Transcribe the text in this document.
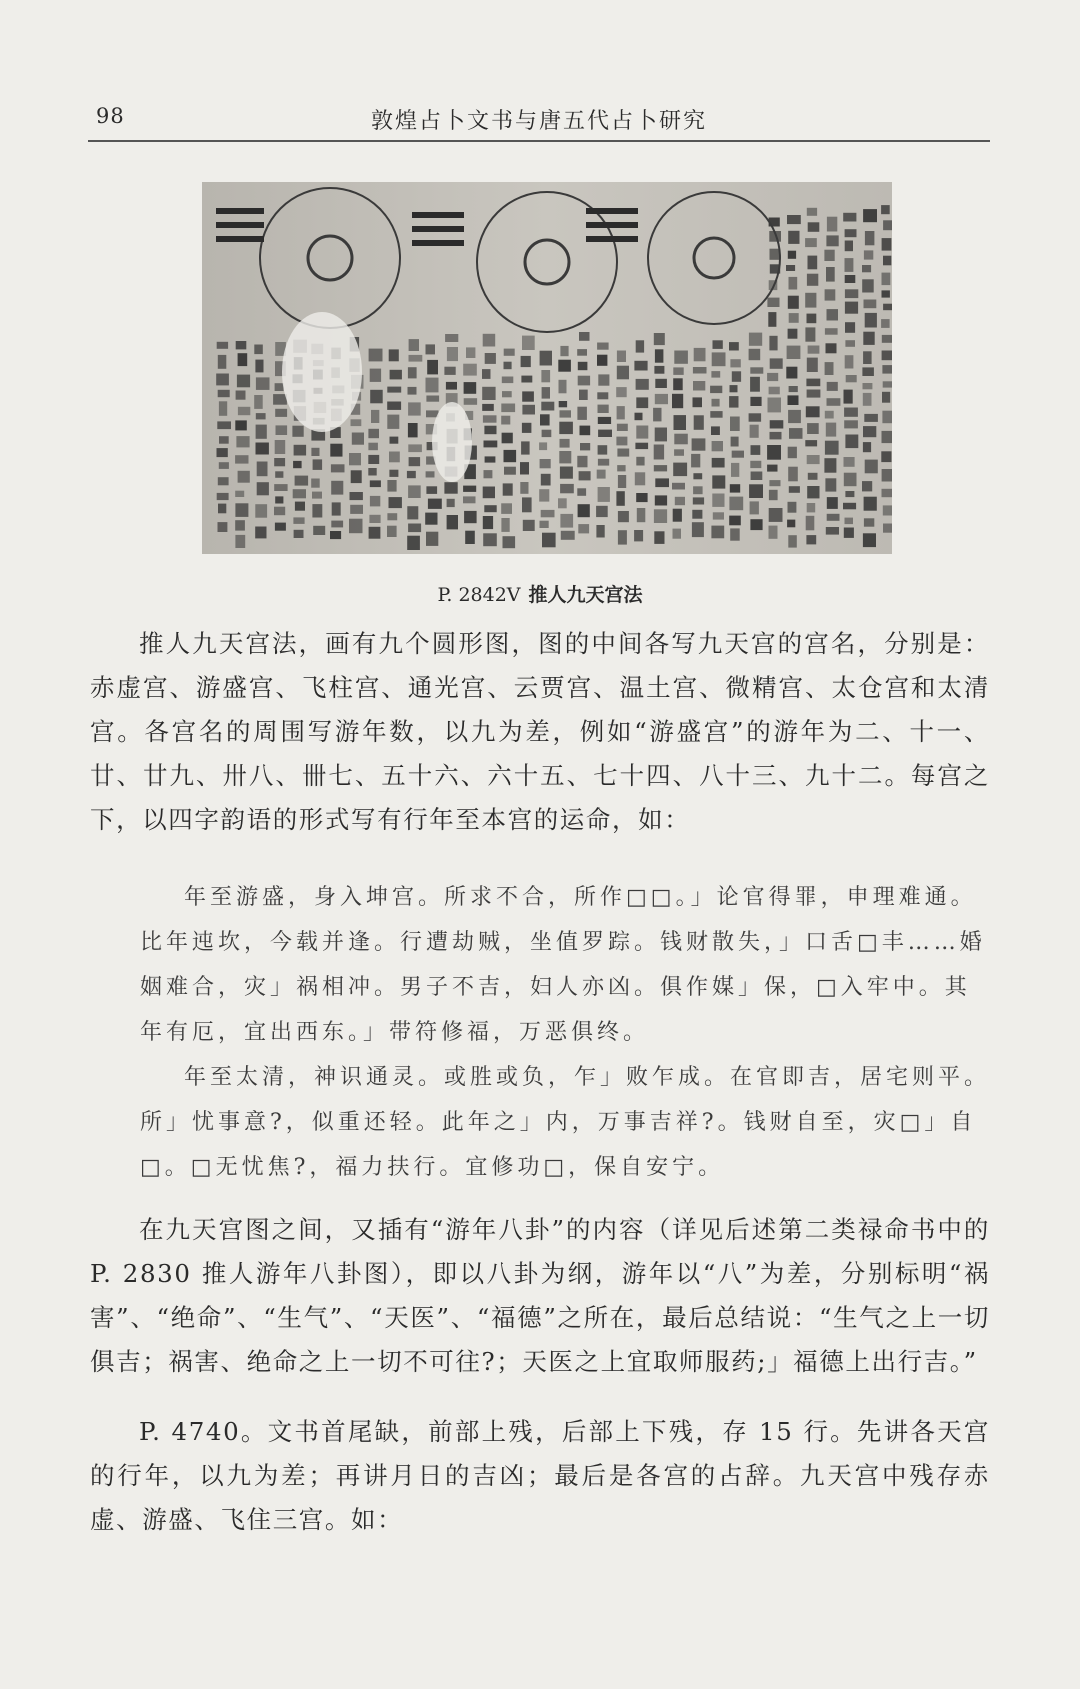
98	敦煌占卜文书与唐五代占卜研究
P. 2842V 推人九天宫法

推人九天宫法，画有九个圆形图，图的中间各写九天宫的宫名，分别是：赤虚宫、游盛宫、飞柱宫、通光宫、云贾宫、温土宫、微精宫、太仓宫和太清宫。各宫名的周围写游年数，以九为差，例如“游盛宫”的游年为二、十一、廿、廿九、卅八、卌七、五十六、六十五、七十四、八十三、九十二。每宫之下，以四字韵语的形式写有行年至本宫的运命，如：

年至游盛，身入坤宫。所求不合，所作□□。」论官得罪，申理难通。比年迍坎，今载并逢。行遭劫贼，坐值罗踪。钱财散失，」口舌□丰……婚姻难合，灾」祸相冲。男子不吉，妇人亦凶。俱作媒」保，□入牢中。其年有厄，宜出西东。」带符修福，万恶俱终。

年至太清，神识通灵。或胜或负，乍」败乍成。在官即吉，居宅则平。所」忧事意?，似重还轻。此年之」内，万事吉祥?。钱财自至，灾□」自□。□无忧焦?，福力扶行。宜修功□，保自安宁。

在九天宫图之间，又插有“游年八卦”的内容（详见后述第二类禄命书中的 P. 2830 推人游年八卦图），即以八卦为纲，游年以“八”为差，分别标明“祸害”、“绝命”、“生气”、“天医”、“福德”之所在，最后总结说：“生气之上一切俱吉；祸害、绝命之上一切不可往?；天医之上宜取师服药;」福德上出行吉。”

P. 4740。文书首尾缺，前部上残，后部上下残，存 15 行。先讲各天宫的行年，以九为差；再讲月日的吉凶；最后是各宫的占辞。九天宫中残存赤虚、游盛、飞住三宫。如：
